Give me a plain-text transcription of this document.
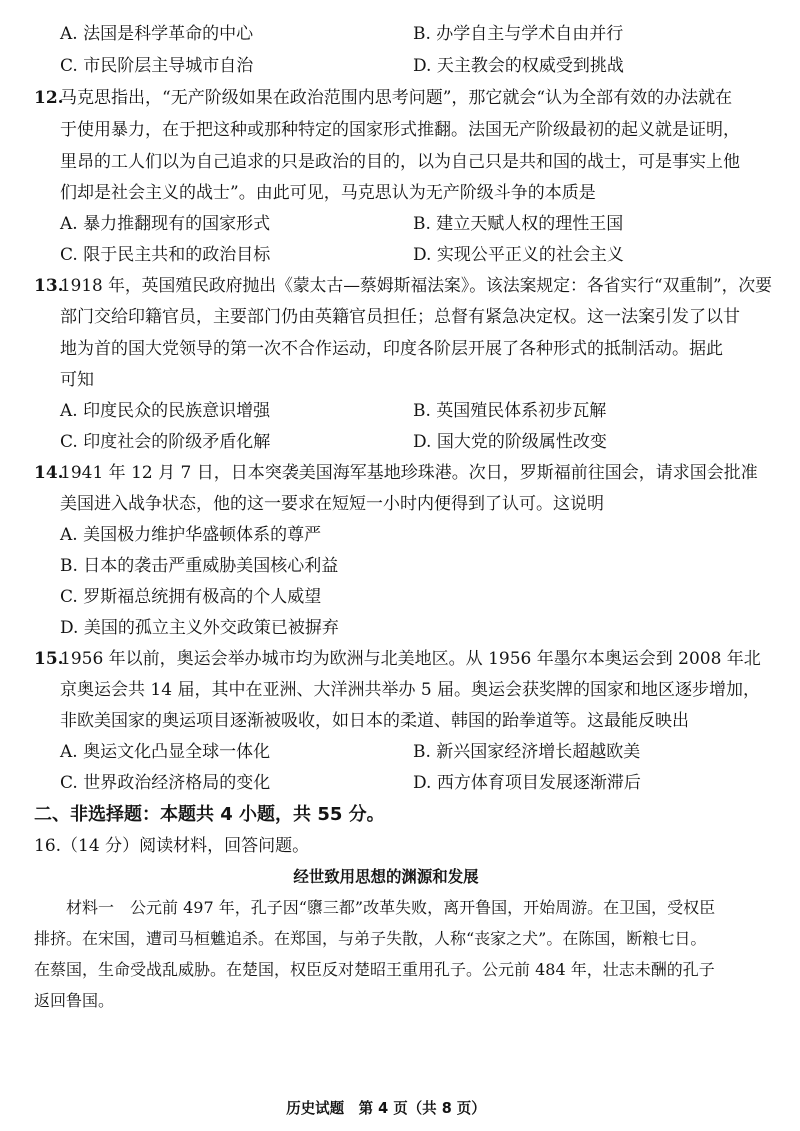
A. 法国是科学革命的中心	B. 办学自主与学术自由并行
C. 市民阶层主导城市自治	D. 天主教会的权威受到挑战
12.
马克思指出，“无产阶级如果在政治范围内思考问题”，那它就会“认为全部有效的办法就在
于使用暴力，在于把这种或那种特定的国家形式推翻。法国无产阶级最初的起义就是证明，
里昂的工人们以为自己追求的只是政治的目的，以为自己只是共和国的战士，可是事实上他
们却是社会主义的战士”。由此可见，马克思认为无产阶级斗争的本质是
A. 暴力推翻现有的国家形式	B. 建立天赋人权的理性王国
C. 限于民主共和的政治目标	D. 实现公平正义的社会主义
13.
1918 年，英国殖民政府抛出《蒙太古—蔡姆斯福法案》。该法案规定：各省实行“双重制”，次要
部门交给印籍官员，主要部门仍由英籍官员担任；总督有紧急决定权。这一法案引发了以甘
地为首的国大党领导的第一次不合作运动，印度各阶层开展了各种形式的抵制活动。据此
可知
A. 印度民众的民族意识增强	B. 英国殖民体系初步瓦解
C. 印度社会的阶级矛盾化解	D. 国大党的阶级属性改变
14.
1941 年 12 月 7 日，日本突袭美国海军基地珍珠港。次日，罗斯福前往国会，请求国会批准
美国进入战争状态，他的这一要求在短短一小时内便得到了认可。这说明
A. 美国极力维护华盛顿体系的尊严
B. 日本的袭击严重威胁美国核心利益
C. 罗斯福总统拥有极高的个人威望
D. 美国的孤立主义外交政策已被摒弃
15.
1956 年以前，奥运会举办城市均为欧洲与北美地区。从 1956 年墨尔本奥运会到 2008 年北
京奥运会共 14 届，其中在亚洲、大洋洲共举办 5 届。奥运会获奖牌的国家和地区逐步增加，
非欧美国家的奥运项目逐渐被吸收，如日本的柔道、韩国的跆拳道等。这最能反映出
A. 奥运文化凸显全球一体化	B. 新兴国家经济增长超越欧美
C. 世界政治经济格局的变化	D. 西方体育项目发展逐渐滞后
二、非选择题：本题共 4 小题，共 55 分。
16.（14 分）阅读材料，回答问题。
经世致用思想的渊源和发展
材料一　公元前 497 年，孔子因“隳三都”改革失败，离开鲁国，开始周游。在卫国，受权臣
排挤。在宋国，遭司马桓魋追杀。在郑国，与弟子失散，人称“丧家之犬”。在陈国，断粮七日。
在蔡国，生命受战乱威胁。在楚国，权臣反对楚昭王重用孔子。公元前 484 年，壮志未酬的孔子
返回鲁国。
历史试题　第 4 页（共 8 页）
